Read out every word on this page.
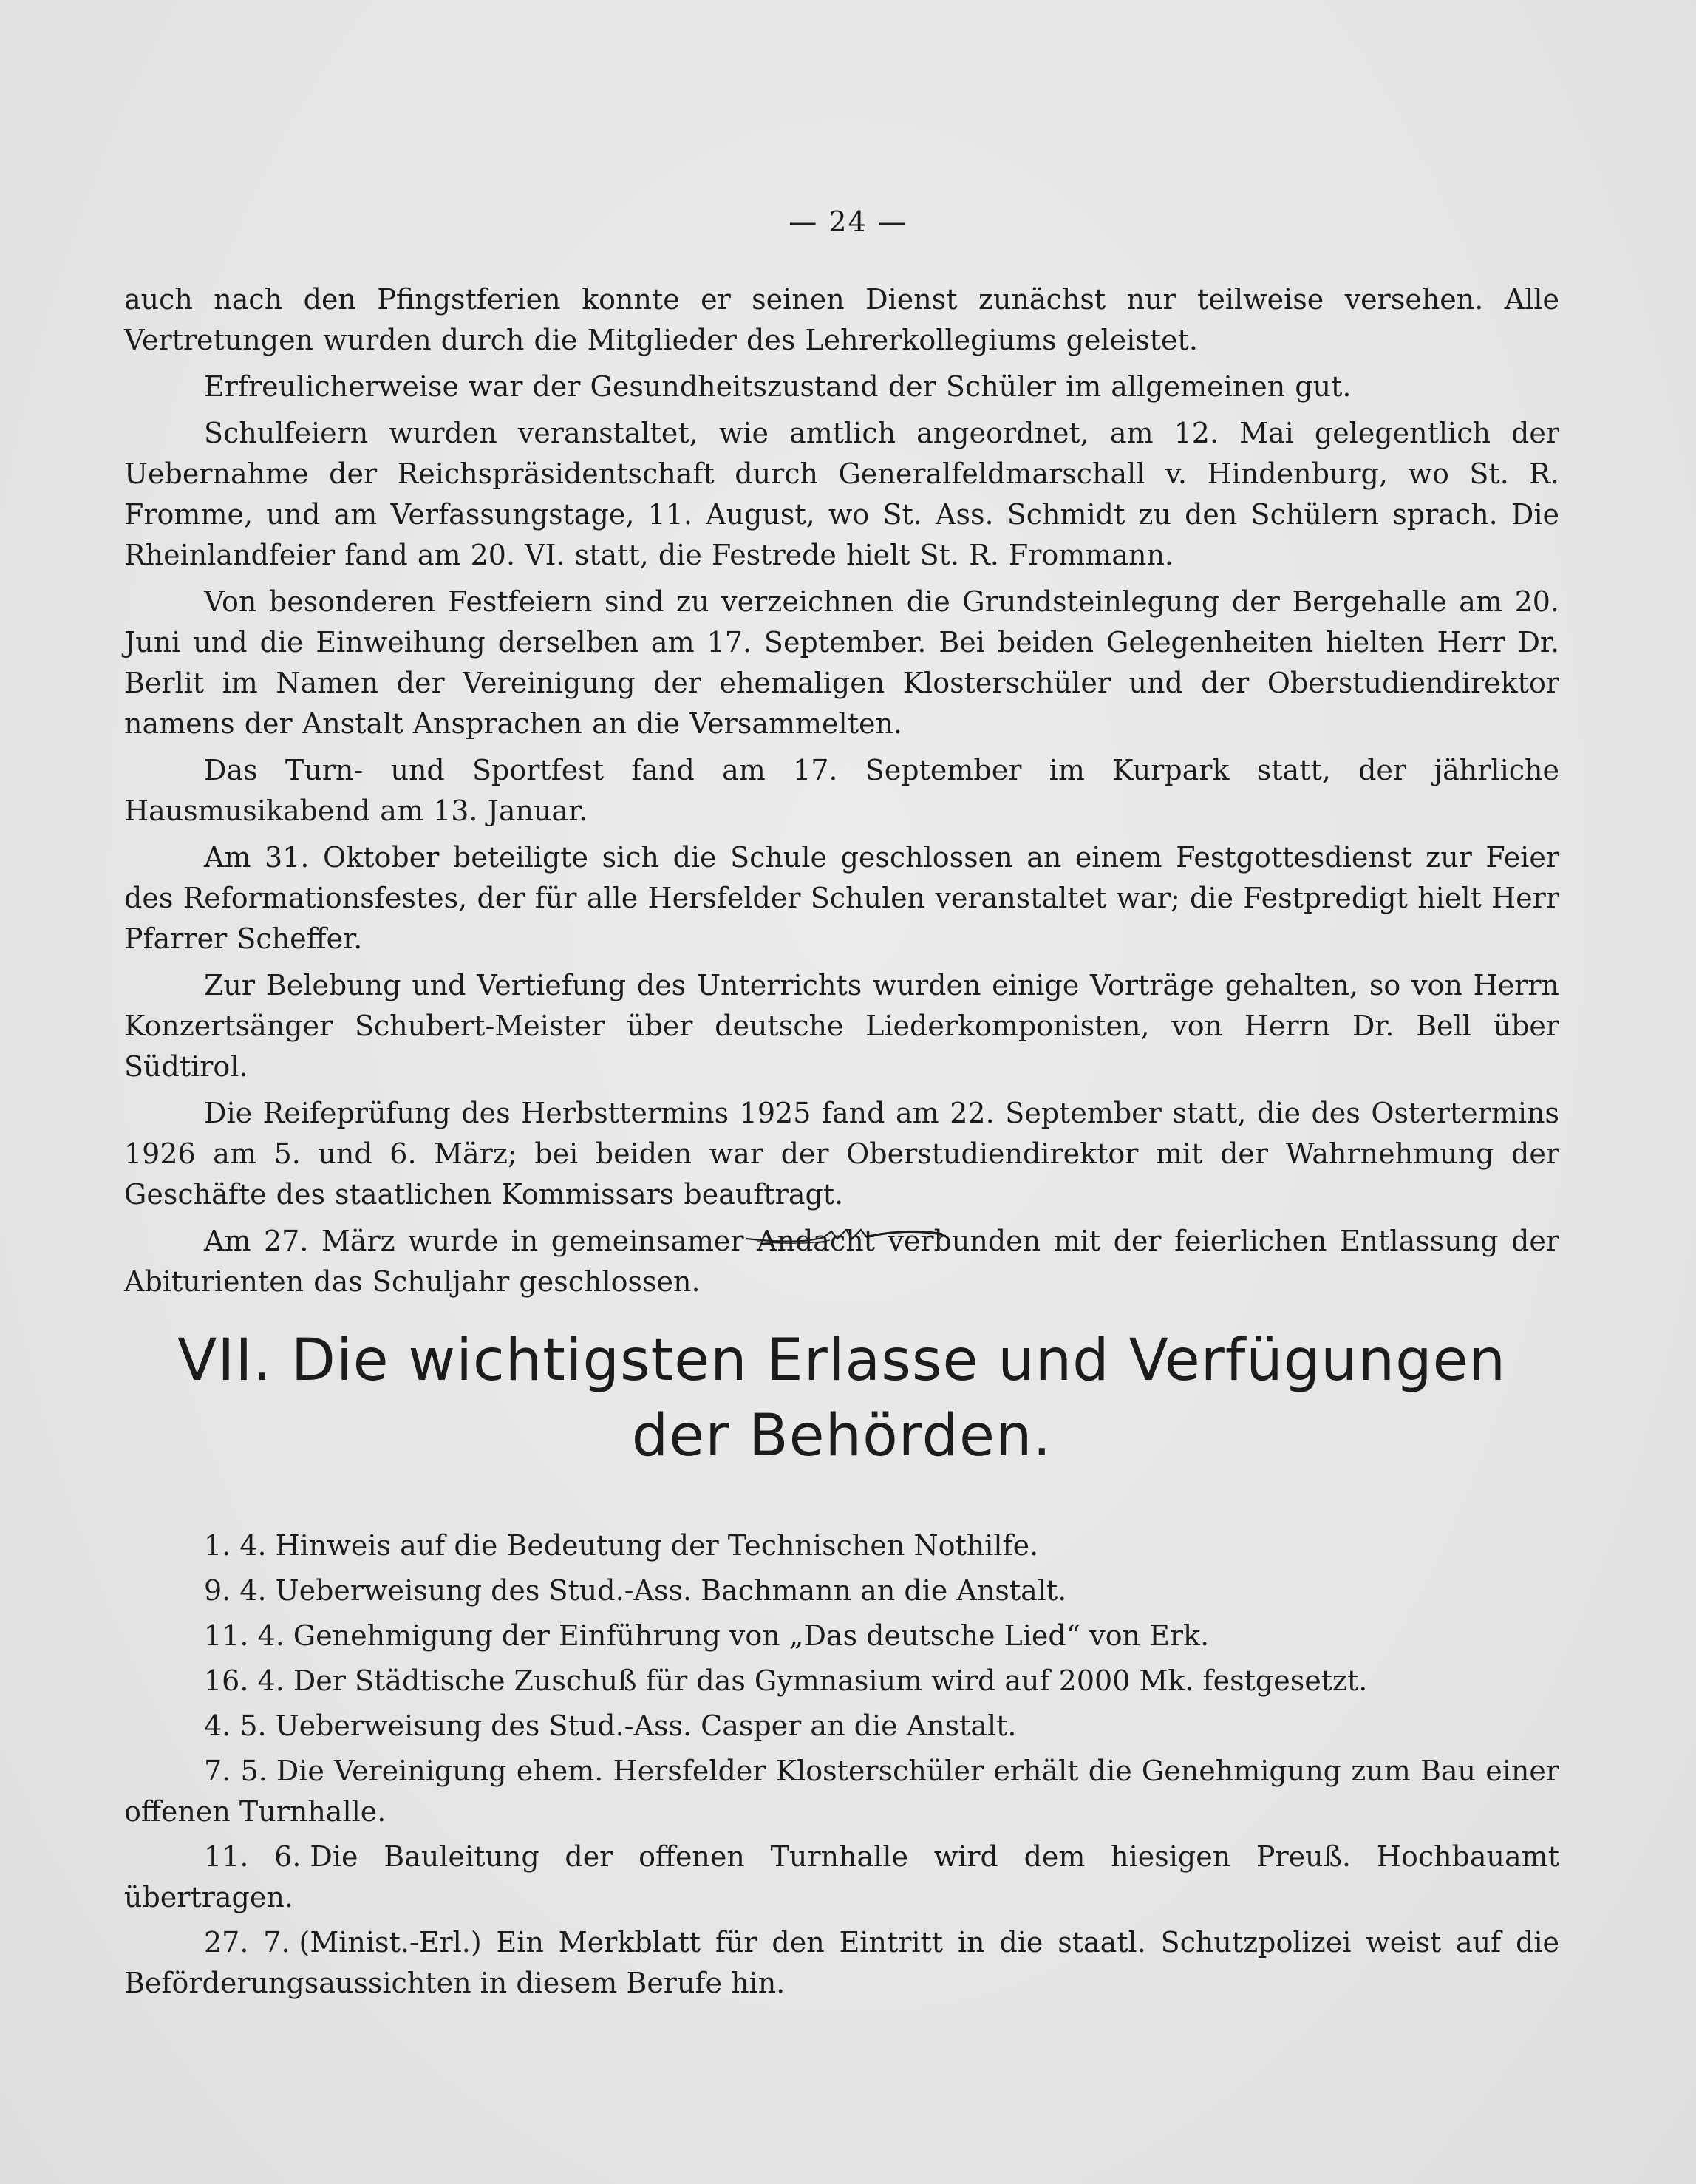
— 24 —

auch nach den Pfingstferien konnte er seinen Dienst zunächst nur teilweise versehen. Alle Vertretungen wurden durch die Mitglieder des Lehrerkollegiums geleistet.

Erfreulicherweise war der Gesundheitszustand der Schüler im allgemeinen gut.

Schulfeiern wurden veranstaltet, wie amtlich angeordnet, am 12. Mai gelegentlich der Uebernahme der Reichspräsidentschaft durch Generalfeldmarschall v. Hindenburg, wo St. R. Fromme, und am Verfassungstage, 11. August, wo St. Ass. Schmidt zu den Schülern sprach. Die Rheinlandfeier fand am 20. VI. statt, die Festrede hielt St. R. Frommann.

Von besonderen Festfeiern sind zu verzeichnen die Grundsteinlegung der Bergehalle am 20. Juni und die Einweihung derselben am 17. September. Bei beiden Gelegenheiten hielten Herr Dr. Berlit im Namen der Vereinigung der ehemaligen Klosterschüler und der Oberstudiendirektor namens der Anstalt Ansprachen an die Versammelten.

Das Turn- und Sportfest fand am 17. September im Kurpark statt, der jährliche Hausmusikabend am 13. Januar.

Am 31. Oktober beteiligte sich die Schule geschlossen an einem Festgottesdienst zur Feier des Reformationsfestes, der für alle Hersfelder Schulen veranstaltet war; die Festpredigt hielt Herr Pfarrer Scheffer.

Zur Belebung und Vertiefung des Unterrichts wurden einige Vorträge gehalten, so von Herrn Konzertsänger Schubert-Meister über deutsche Liederkomponisten, von Herrn Dr. Bell über Südtirol.

Die Reifeprüfung des Herbsttermins 1925 fand am 22. September statt, die des Ostertermins 1926 am 5. und 6. März; bei beiden war der Oberstudiendirektor mit der Wahrnehmung der Geschäfte des staatlichen Kommissars beauftragt.

Am 27. März wurde in gemeinsamer Andacht verbunden mit der feierlichen Entlassung der Abiturienten das Schuljahr geschlossen.

VII. Die wichtigsten Erlasse und Verfügungen
der Behörden.

1. 4. Hinweis auf die Bedeutung der Technischen Nothilfe.

9. 4. Ueberweisung des Stud.-Ass. Bachmann an die Anstalt.

11. 4. Genehmigung der Einführung von „Das deutsche Lied“ von Erk.

16. 4. Der Städtische Zuschuß für das Gymnasium wird auf 2000 Mk. festgesetzt.

4. 5. Ueberweisung des Stud.-Ass. Casper an die Anstalt.

7. 5. Die Vereinigung ehem. Hersfelder Klosterschüler erhält die Genehmigung zum Bau einer offenen Turnhalle.

11. 6. Die Bauleitung der offenen Turnhalle wird dem hiesigen Preuß. Hochbauamt übertragen.

27. 7. (Minist.-Erl.) Ein Merkblatt für den Eintritt in die staatl. Schutzpolizei weist auf die Beförderungsaussichten in diesem Berufe hin.
